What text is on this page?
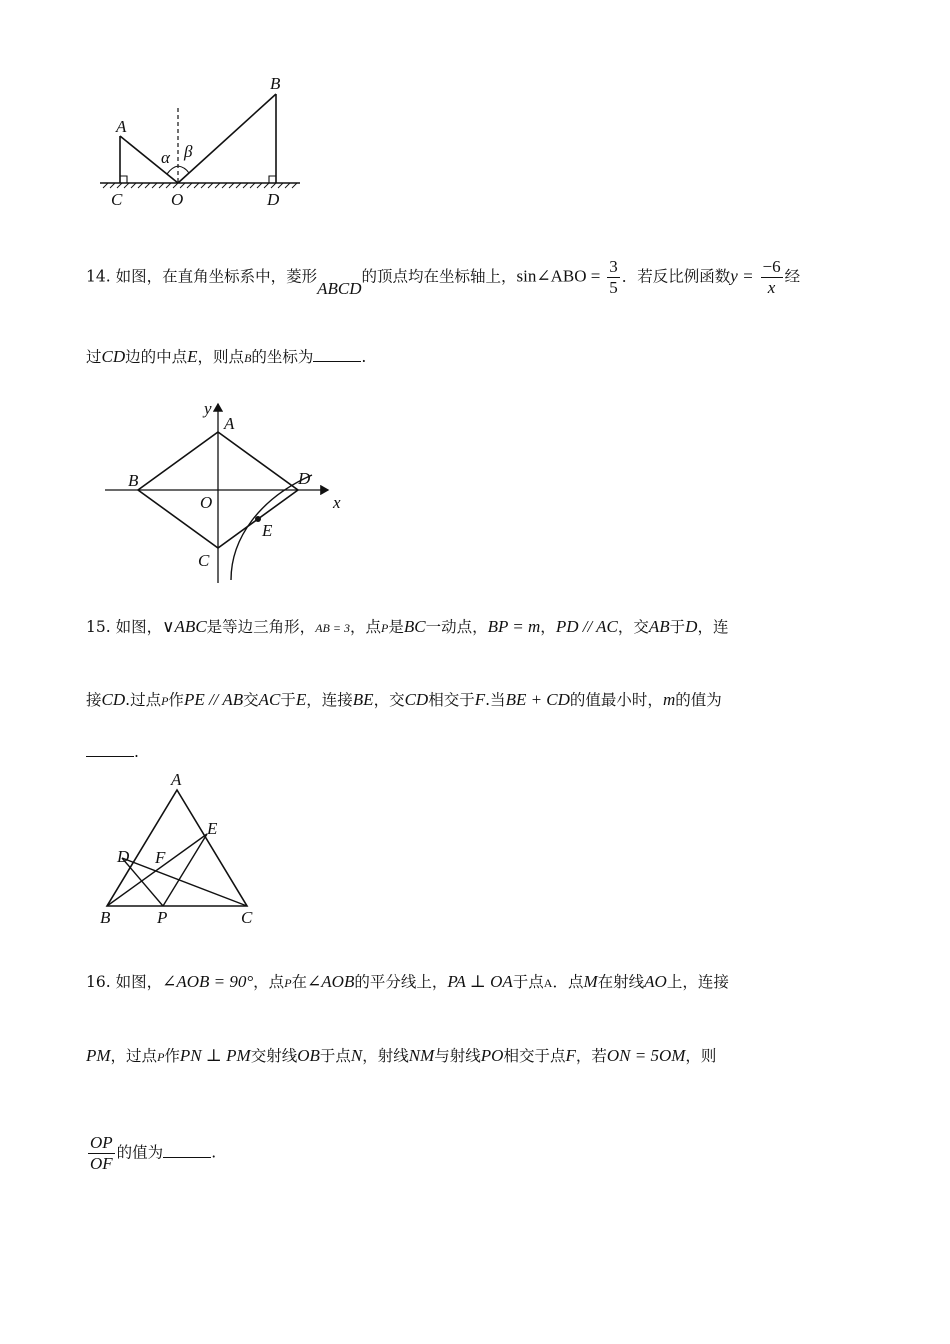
A
B
C	O	D
α β
14. 如图，在直角坐标系中，菱形ABCD的顶点均在坐标轴上，sin∠ABO = $\frac{3}{5}$ ．若反比例函数$y = \frac{-6}{x}$ 经
过CD边的中点E，则点B的坐标为	.
y
x
A
B
O
D
E
C
15. 如图，∨ABC是等边三角形，AB = 3，点P是BC一动点，BP = m，PD // AC，交AB于D，连
接CD.过点P作PE // AB交AC于E，连接BE，交CD相交于F.当BE + CD的值最小时，m的值为
.
A
E
D F
B	P	C
16. 如图，∠AOB = 90°，点P在∠AOB的平分线上，PA ⊥ OA于点A．点M在射线AO上，连接
PM，过点P作PN ⊥ PM交射线OB于点N，射线NM与射线PO相交于点F，若ON = 5OM，则
$\frac{OP}{OF}$ 的值为	.
